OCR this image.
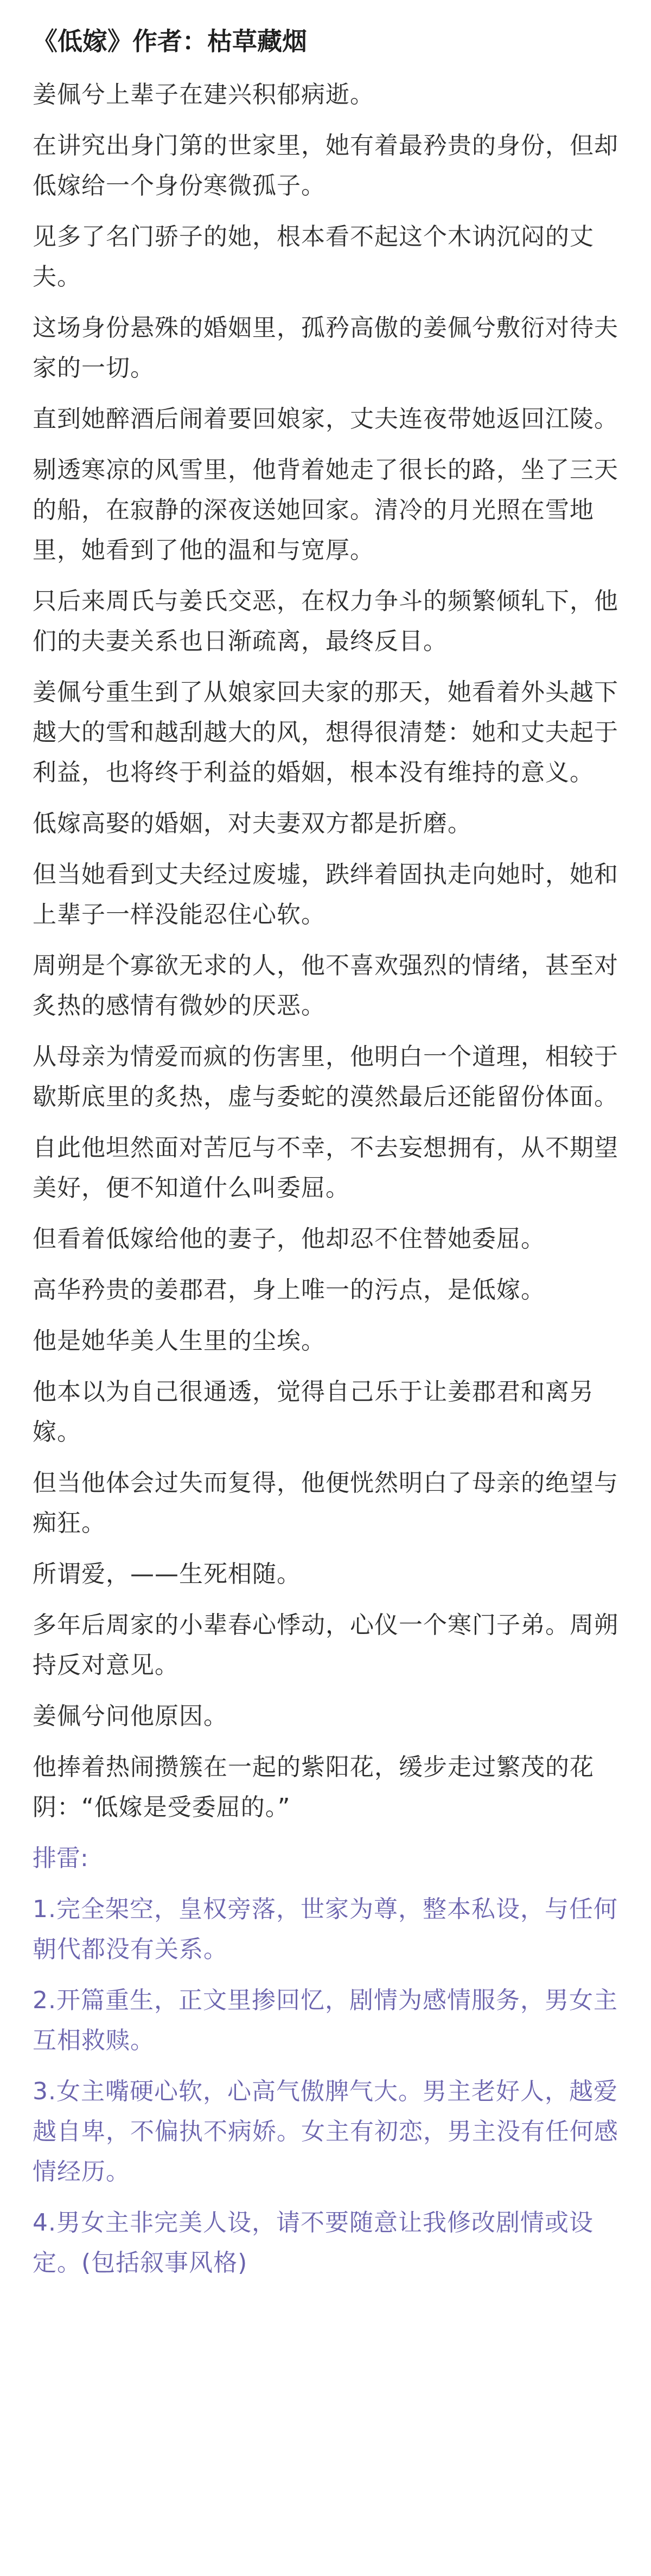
《低嫁》作者：枯草藏烟
姜佩兮上辈子在建兴积郁病逝。
在讲究出身门第的世家里，她有着最矜贵的身份，但却低嫁给一个身份寒微孤子。
见多了名门骄子的她，根本看不起这个木讷沉闷的丈夫。
这场身份悬殊的婚姻里，孤矜高傲的姜佩兮敷衍对待夫家的一切。
直到她醉酒后闹着要回娘家，丈夫连夜带她返回江陵。
剔透寒凉的风雪里，他背着她走了很长的路，坐了三天的船，在寂静的深夜送她回家。清冷的月光照在雪地里，她看到了他的温和与宽厚。
只后来周氏与姜氏交恶，在权力争斗的频繁倾轧下，他们的夫妻关系也日渐疏离，最终反目。
姜佩兮重生到了从娘家回夫家的那天，她看着外头越下越大的雪和越刮越大的风，想得很清楚：她和丈夫起于利益，也将终于利益的婚姻，根本没有维持的意义。
低嫁高娶的婚姻，对夫妻双方都是折磨。
但当她看到丈夫经过废墟，跌绊着固执走向她时，她和上辈子一样没能忍住心软。
周朔是个寡欲无求的人，他不喜欢强烈的情绪，甚至对炙热的感情有微妙的厌恶。
从母亲为情爱而疯的伤害里，他明白一个道理，相较于歇斯底里的炙热，虚与委蛇的漠然最后还能留份体面。
自此他坦然面对苦厄与不幸，不去妄想拥有，从不期望美好，便不知道什么叫委屈。
但看着低嫁给他的妻子，他却忍不住替她委屈。
高华矜贵的姜郡君，身上唯一的污点，是低嫁。
他是她华美人生里的尘埃。
他本以为自己很通透，觉得自己乐于让姜郡君和离另嫁。
但当他体会过失而复得，他便恍然明白了母亲的绝望与痴狂。
所谓爱，——生死相随。
多年后周家的小辈春心悸动，心仪一个寒门子弟。周朔持反对意见。
姜佩兮问他原因。
他捧着热闹攒簇在一起的紫阳花，缓步走过繁茂的花阴：“低嫁是受委屈的。”
排雷:
1.完全架空，皇权旁落，世家为尊，整本私设，与任何朝代都没有关系。
2.开篇重生，正文里掺回忆，剧情为感情服务，男女主互相救赎。
3.女主嘴硬心软，心高气傲脾气大。男主老好人，越爱越自卑，不偏执不病娇。女主有初恋，男主没有任何感情经历。
4.男女主非完美人设，请不要随意让我修改剧情或设定。(包括叙事风格)
